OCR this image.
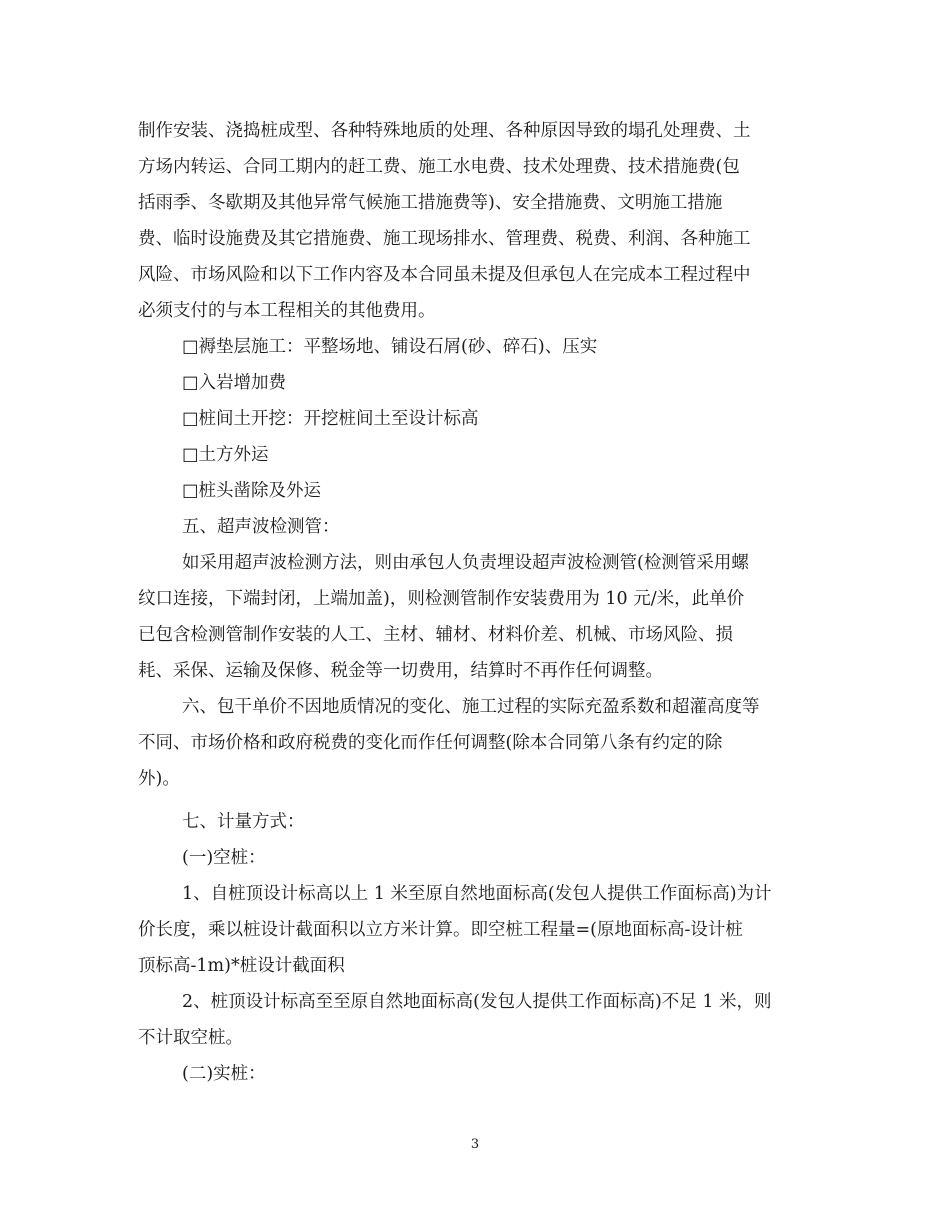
制作安装、浇捣桩成型、各种特殊地质的处理、各种原因导致的塌孔处理费、土
方场内转运、合同工期内的赶工费、施工水电费、技术处理费、技术措施费(包
括雨季、冬歇期及其他异常气候施工措施费等)、安全措施费、文明施工措施
费、临时设施费及其它措施费、施工现场排水、管理费、税费、利润、各种施工
风险、市场风险和以下工作内容及本合同虽未提及但承包人在完成本工程过程中
必须支付的与本工程相关的其他费用。
□褥垫层施工：平整场地、铺设石屑(砂、碎石)、压实
□入岩增加费
□桩间土开挖：开挖桩间土至设计标高
□土方外运
□桩头凿除及外运
五、超声波检测管：
如采用超声波检测方法，则由承包人负责埋设超声波检测管(检测管采用螺
纹口连接，下端封闭，上端加盖)，则检测管制作安装费用为 10 元/米，此单价
已包含检测管制作安装的人工、主材、辅材、材料价差、机械、市场风险、损
耗、采保、运输及保修、税金等一切费用，结算时不再作任何调整。
六、包干单价不因地质情况的变化、施工过程的实际充盈系数和超灌高度等
不同、市场价格和政府税费的变化而作任何调整(除本合同第八条有约定的除
外)。
七、计量方式：
(一)空桩：
1、自桩顶设计标高以上 1 米至原自然地面标高(发包人提供工作面标高)为计
价长度，乘以桩设计截面积以立方米计算。即空桩工程量=(原地面标高-设计桩
顶标高-1m)*桩设计截面积
2、桩顶设计标高至至原自然地面标高(发包人提供工作面标高)不足 1 米，则
不计取空桩。
(二)实桩：
3
